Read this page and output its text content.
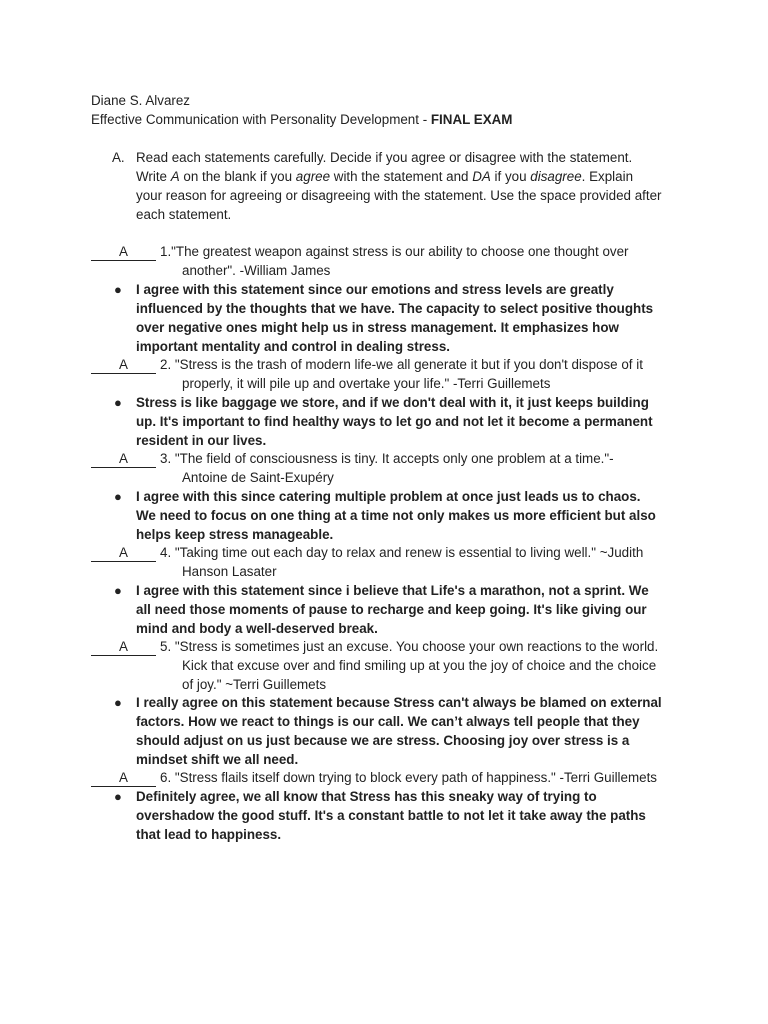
Diane S. Alvarez
Effective Communication with Personality Development - FINAL EXAM
A. Read each statements carefully. Decide if you agree or disagree with the statement.
Write A on the blank if you agree with the statement and DA if you disagree. Explain
your reason for agreeing or disagreeing with the statement. Use the space provided after
each statement.
A	1."The greatest weapon against stress is our ability to choose one thought over
another". -William James
● I agree with this statement since our emotions and stress levels are greatly
influenced by the thoughts that we have. The capacity to select positive thoughts
over negative ones might help us in stress management. It emphasizes how
important mentality and control in dealing stress.
A	2. "Stress is the trash of modern life-we all generate it but if you don't dispose of it
properly, it will pile up and overtake your life." -Terri Guillemets
● Stress is like baggage we store, and if we don't deal with it, it just keeps building
up. It's important to find healthy ways to let go and not let it become a permanent
resident in our lives.
A	3. "The field of consciousness is tiny. It accepts only one problem at a time."-
Antoine de Saint-Exupéry
● I agree with this since catering multiple problem at once just leads us to chaos.
We need to focus on one thing at a time not only makes us more efficient but also
helps keep stress manageable.
A	4. "Taking time out each day to relax and renew is essential to living well." ~Judith
Hanson Lasater
● I agree with this statement since i believe that Life's a marathon, not a sprint. We
all need those moments of pause to recharge and keep going. It's like giving our
mind and body a well-deserved break.
A	5. "Stress is sometimes just an excuse. You choose your own reactions to the world.
Kick that excuse over and find smiling up at you the joy of choice and the choice
of joy." ~Terri Guillemets
● I really agree on this statement because Stress can't always be blamed on external
factors. How we react to things is our call. We can’t always tell people that they
should adjust on us just because we are stress. Choosing joy over stress is a
mindset shift we all need.
A	6. "Stress flails itself down trying to block every path of happiness." -Terri Guillemets
● Definitely agree, we all know that Stress has this sneaky way of trying to
overshadow the good stuff. It's a constant battle to not let it take away the paths
that lead to happiness.
